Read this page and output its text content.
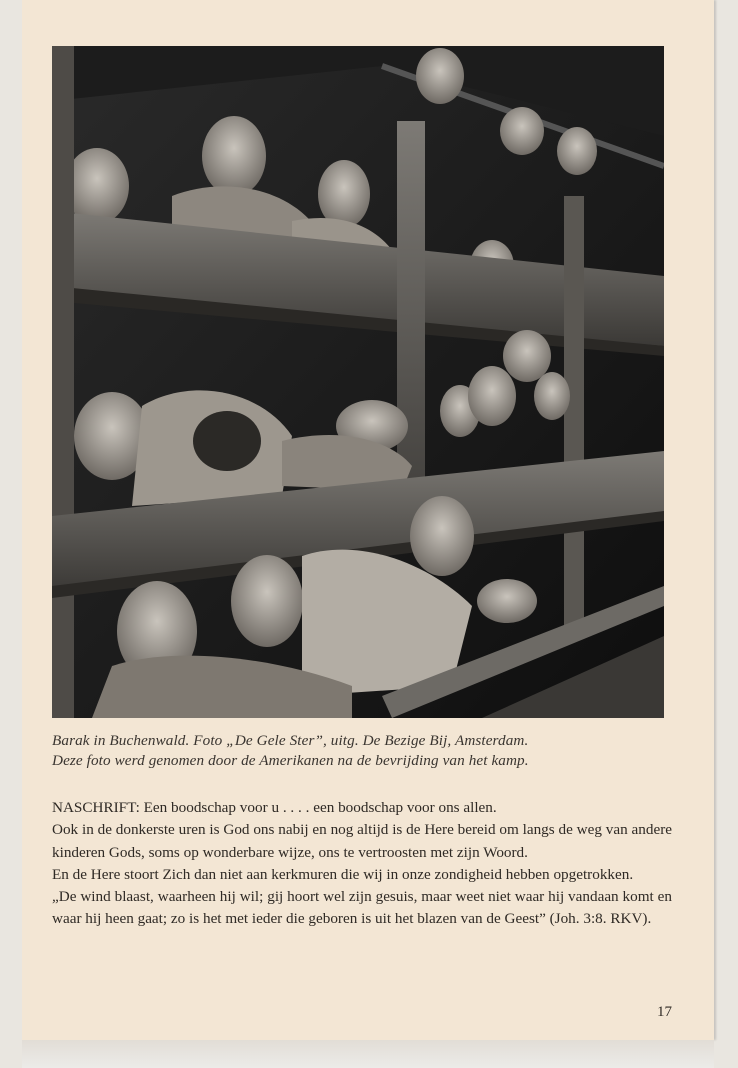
Barak in Buchenwald. Foto „De Gele Ster”, uitg. De Bezige Bij, Amsterdam.
Deze foto werd genomen door de Amerikanen na de bevrijding van het kamp.

NASCHRIFT: Een boodschap voor u . . . . een boodschap voor ons allen.

Ook in de donkerste uren is God ons nabij en nog altijd is de Here bereid om langs de weg van andere kinderen Gods, soms op wonderbare wijze, ons te vertroosten met zijn Woord.

En de Here stoort Zich dan niet aan kerkmuren die wij in onze zondigheid hebben opgetrokken.

„De wind blaast, waarheen hij wil; gij hoort wel zijn gesuis, maar weet niet waar hij vandaan komt en waar hij heen gaat; zo is het met ieder die geboren is uit het blazen van de Geest” (Joh. 3:8. RKV).

17
